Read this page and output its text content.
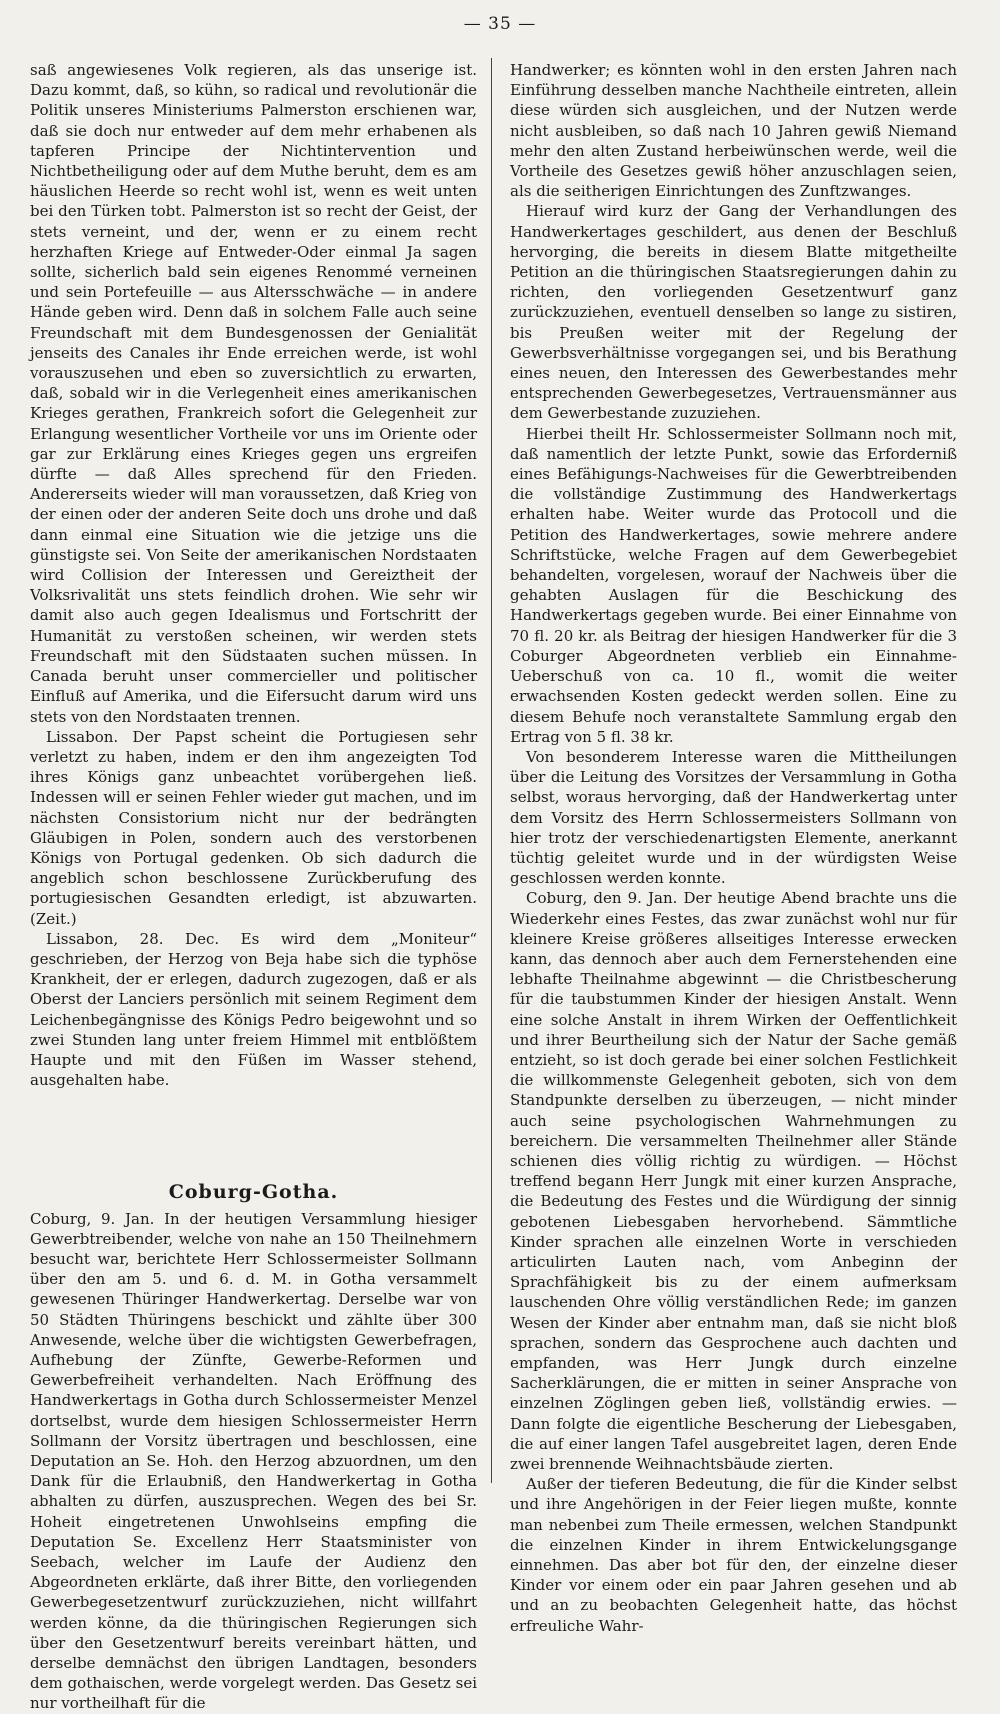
— 35 —

saß angewiesenes Volk regieren, als das unserige ist. Dazu kommt, daß, so kühn, so radical und revolutionär die Politik unseres Ministeriums Palmerston erschienen war, daß sie doch nur entweder auf dem mehr erhabenen als tapferen Principe der Nichtintervention und Nichtbetheiligung oder auf dem Muthe beruht, dem es am häuslichen Heerde so recht wohl ist, wenn es weit unten bei den Türken tobt. Palmerston ist so recht der Geist, der stets verneint, und der, wenn er zu einem recht herzhaften Kriege auf Entweder-Oder einmal Ja sagen sollte, sicherlich bald sein eigenes Renommé verneinen und sein Portefeuille — aus Altersschwäche — in andere Hände geben wird. Denn daß in solchem Falle auch seine Freundschaft mit dem Bundesgenossen der Genialität jenseits des Canales ihr Ende erreichen werde, ist wohl vorauszusehen und eben so zuversichtlich zu erwarten, daß, sobald wir in die Verlegenheit eines amerikanischen Krieges gerathen, Frankreich sofort die Gelegenheit zur Erlangung wesentlicher Vortheile vor uns im Oriente oder gar zur Erklärung eines Krieges gegen uns ergreifen dürfte — daß Alles sprechend für den Frieden. Andererseits wieder will man voraussetzen, daß Krieg von der einen oder der anderen Seite doch uns drohe und daß dann einmal eine Situation wie die jetzige uns die günstigste sei. Von Seite der amerikanischen Nordstaaten wird Collision der Interessen und Gereiztheit der Volksrivalität uns stets feindlich drohen. Wie sehr wir damit also auch gegen Idealismus und Fortschritt der Humanität zu verstoßen scheinen, wir werden stets Freundschaft mit den Südstaaten suchen müssen. In Canada beruht unser commercieller und politischer Einfluß auf Amerika, und die Eifersucht darum wird uns stets von den Nordstaaten trennen.

Lissabon. Der Papst scheint die Portugiesen sehr verletzt zu haben, indem er den ihm angezeigten Tod ihres Königs ganz unbeachtet vorübergehen ließ. Indessen will er seinen Fehler wieder gut machen, und im nächsten Consistorium nicht nur der bedrängten Gläubigen in Polen, sondern auch des verstorbenen Königs von Portugal gedenken. Ob sich dadurch die angeblich schon beschlossene Zurückberufung des portugiesischen Gesandten erledigt, ist abzuwarten. (Zeit.)

Lissabon, 28. Dec. Es wird dem „Moniteur“ geschrieben, der Herzog von Beja habe sich die typhöse Krankheit, der er erlegen, dadurch zugezogen, daß er als Oberst der Lanciers persönlich mit seinem Regiment dem Leichenbegängnisse des Königs Pedro beigewohnt und so zwei Stunden lang unter freiem Himmel mit entblößtem Haupte und mit den Füßen im Wasser stehend, ausgehalten habe.

Coburg-Gotha.

Coburg, 9. Jan. In der heutigen Versammlung hiesiger Gewerbtreibender, welche von nahe an 150 Theilnehmern besucht war, berichtete Herr Schlossermeister Sollmann über den am 5. und 6. d. M. in Gotha versammelt gewesenen Thüringer Handwerkertag. Derselbe war von 50 Städten Thüringens beschickt und zählte über 300 Anwesende, welche über die wichtigsten Gewerbefragen, Aufhebung der Zünfte, Gewerbe-Reformen und Gewerbefreiheit verhandelten. Nach Eröffnung des Handwerkertags in Gotha durch Schlossermeister Menzel dortselbst, wurde dem hiesigen Schlossermeister Herrn Sollmann der Vorsitz übertragen und beschlossen, eine Deputation an Se. Hoh. den Herzog abzuordnen, um den Dank für die Erlaubniß, den Handwerkertag in Gotha abhalten zu dürfen, auszusprechen. Wegen des bei Sr. Hoheit eingetretenen Unwohlseins empfing die Deputation Se. Excellenz Herr Staatsminister von Seebach, welcher im Laufe der Audienz den Abgeordneten erklärte, daß ihrer Bitte, den vorliegenden Gewerbegesetzentwurf zurückzuziehen, nicht willfahrt werden könne, da die thüringischen Regierungen sich über den Gesetzentwurf bereits vereinbart hätten, und derselbe demnächst den übrigen Landtagen, besonders dem gothaischen, werde vorgelegt werden. Das Gesetz sei nur vortheilhaft für die

Handwerker; es könnten wohl in den ersten Jahren nach Einführung desselben manche Nachtheile eintreten, allein diese würden sich ausgleichen, und der Nutzen werde nicht ausbleiben, so daß nach 10 Jahren gewiß Niemand mehr den alten Zustand herbeiwünschen werde, weil die Vortheile des Gesetzes gewiß höher anzuschlagen seien, als die seitherigen Einrichtungen des Zunftzwanges.

Hierauf wird kurz der Gang der Verhandlungen des Handwerkertages geschildert, aus denen der Beschluß hervorging, die bereits in diesem Blatte mitgetheilte Petition an die thüringischen Staatsregierungen dahin zu richten, den vorliegenden Gesetzentwurf ganz zurückzuziehen, eventuell denselben so lange zu sistiren, bis Preußen weiter mit der Regelung der Gewerbsverhältnisse vorgegangen sei, und bis Berathung eines neuen, den Interessen des Gewerbestandes mehr entsprechenden Gewerbegesetzes, Vertrauensmänner aus dem Gewerbestande zuzuziehen.

Hierbei theilt Hr. Schlossermeister Sollmann noch mit, daß namentlich der letzte Punkt, sowie das Erforderniß eines Befähigungs-Nachweises für die Gewerbtreibenden die vollständige Zustimmung des Handwerkertags erhalten habe. Weiter wurde das Protocoll und die Petition des Handwerkertages, sowie mehrere andere Schriftstücke, welche Fragen auf dem Gewerbegebiet behandelten, vorgelesen, worauf der Nachweis über die gehabten Auslagen für die Beschickung des Handwerkertags gegeben wurde. Bei einer Einnahme von 70 fl. 20 kr. als Beitrag der hiesigen Handwerker für die 3 Coburger Abgeordneten verblieb ein Einnahme-Ueberschuß von ca. 10 fl., womit die weiter erwachsenden Kosten gedeckt werden sollen. Eine zu diesem Behufe noch veranstaltete Sammlung ergab den Ertrag von 5 fl. 38 kr.

Von besonderem Interesse waren die Mittheilungen über die Leitung des Vorsitzes der Versammlung in Gotha selbst, woraus hervorging, daß der Handwerkertag unter dem Vorsitz des Herrn Schlossermeisters Sollmann von hier trotz der verschiedenartigsten Elemente, anerkannt tüchtig geleitet wurde und in der würdigsten Weise geschlossen werden konnte.

Coburg, den 9. Jan. Der heutige Abend brachte uns die Wiederkehr eines Festes, das zwar zunächst wohl nur für kleinere Kreise größeres allseitiges Interesse erwecken kann, das dennoch aber auch dem Fernerstehenden eine lebhafte Theilnahme abgewinnt — die Christbescherung für die taubstummen Kinder der hiesigen Anstalt. Wenn eine solche Anstalt in ihrem Wirken der Oeffentlichkeit und ihrer Beurtheilung sich der Natur der Sache gemäß entzieht, so ist doch gerade bei einer solchen Festlichkeit die willkommenste Gelegenheit geboten, sich von dem Standpunkte derselben zu überzeugen, — nicht minder auch seine psychologischen Wahrnehmungen zu bereichern. Die versammelten Theilnehmer aller Stände schienen dies völlig richtig zu würdigen. — Höchst treffend begann Herr Jungk mit einer kurzen Ansprache, die Bedeutung des Festes und die Würdigung der sinnig gebotenen Liebesgaben hervorhebend. Sämmtliche Kinder sprachen alle einzelnen Worte in verschieden articulirten Lauten nach, vom Anbeginn der Sprachfähigkeit bis zu der einem aufmerksam lauschenden Ohre völlig verständlichen Rede; im ganzen Wesen der Kinder aber entnahm man, daß sie nicht bloß sprachen, sondern das Gesprochene auch dachten und empfanden, was Herr Jungk durch einzelne Sacherklärungen, die er mitten in seiner Ansprache von einzelnen Zöglingen geben ließ, vollständig erwies. — Dann folgte die eigentliche Bescherung der Liebesgaben, die auf einer langen Tafel ausgebreitet lagen, deren Ende zwei brennende Weihnachtsbäude zierten.

Außer der tieferen Bedeutung, die für die Kinder selbst und ihre Angehörigen in der Feier liegen mußte, konnte man nebenbei zum Theile ermessen, welchen Standpunkt die einzelnen Kinder in ihrem Entwickelungsgange einnehmen. Das aber bot für den, der einzelne dieser Kinder vor einem oder ein paar Jahren gesehen und ab und an zu beobachten Gelegenheit hatte, das höchst erfreuliche Wahr-
